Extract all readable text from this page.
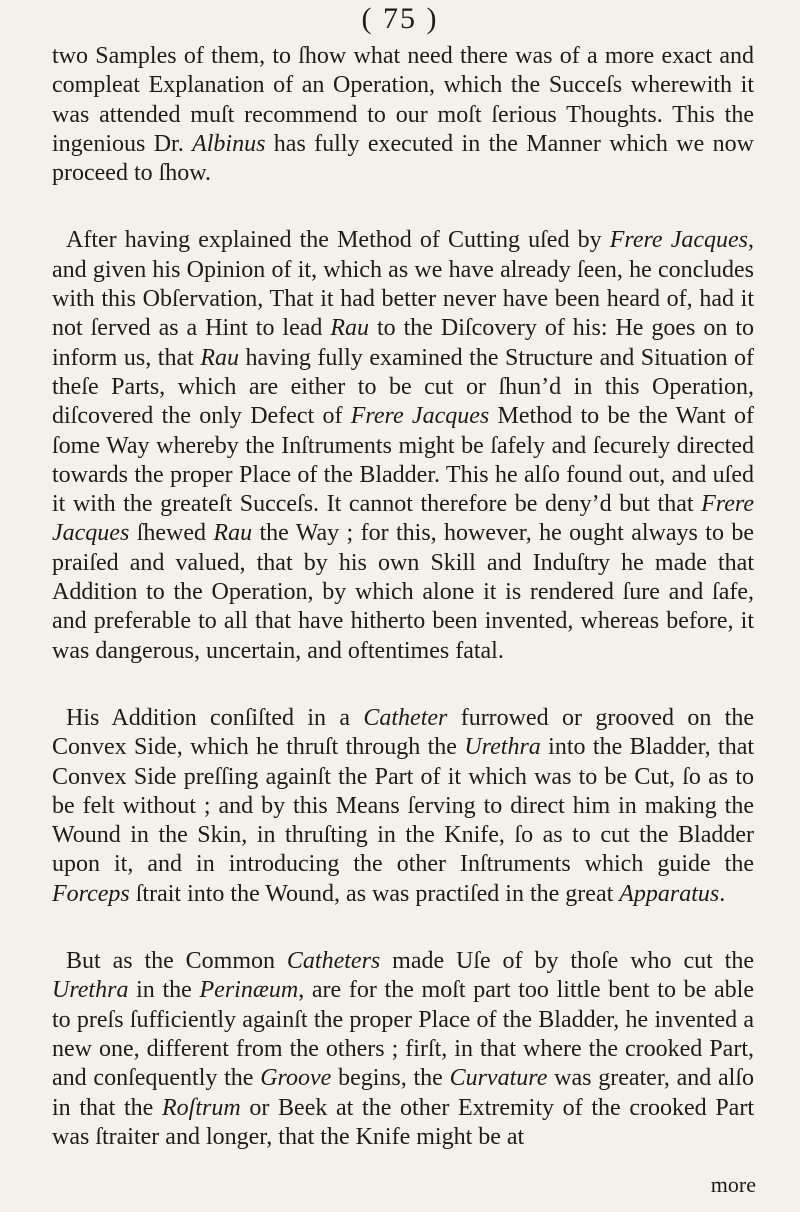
( 75 )

two Samples of them, to ſhow what need there was of a more exact and compleat Explanation of an Operation, which the Succeſs wherewith it was attended muſt recommend to our moſt ſerious Thoughts. This the ingenious Dr. Albinus has fully executed in the Manner which we now proceed to ſhow.

After having explained the Method of Cutting uſed by Frere Jacques, and given his Opinion of it, which as we have already ſeen, he concludes with this Obſervation, That it had better never have been heard of, had it not ſerved as a Hint to lead Rau to the Diſcovery of his: He goes on to inform us, that Rau having fully examined the Structure and Situation of theſe Parts, which are either to be cut or ſhun’d in this Operation, diſcovered the only Defect of Frere Jacques Method to be the Want of ſome Way whereby the Inſtruments might be ſafely and ſecurely directed towards the proper Place of the Bladder. This he alſo found out, and uſed it with the greateſt Succeſs. It cannot therefore be deny’d but that Frere Jacques ſhewed Rau the Way ; for this, however, he ought always to be praiſed and valued, that by his own Skill and Induſtry he made that Addition to the Operation, by which alone it is rendered ſure and ſafe, and preferable to all that have hitherto been invented, whereas before, it was dangerous, uncertain, and oftentimes fatal.

His Addition conſiſted in a Catheter furrowed or grooved on the Convex Side, which he thruſt through the Urethra into the Bladder, that Convex Side preſſing againſt the Part of it which was to be Cut, ſo as to be felt without ; and by this Means ſerving to direct him in making the Wound in the Skin, in thruſting in the Knife, ſo as to cut the Bladder upon it, and in introducing the other Inſtruments which guide the Forceps ſtrait into the Wound, as was practiſed in the great Apparatus.

But as the Common Catheters made Uſe of by thoſe who cut the Urethra in the Perinæum, are for the moſt part too little bent to be able to preſs ſufficiently againſt the proper Place of the Bladder, he invented a new one, different from the others ; firſt, in that where the crooked Part, and conſequently the Groove begins, the Curvature was greater, and alſo in that the Roſtrum or Beek at the other Extremity of the crooked Part was ſtraiter and longer, that the Knife might be at

more
